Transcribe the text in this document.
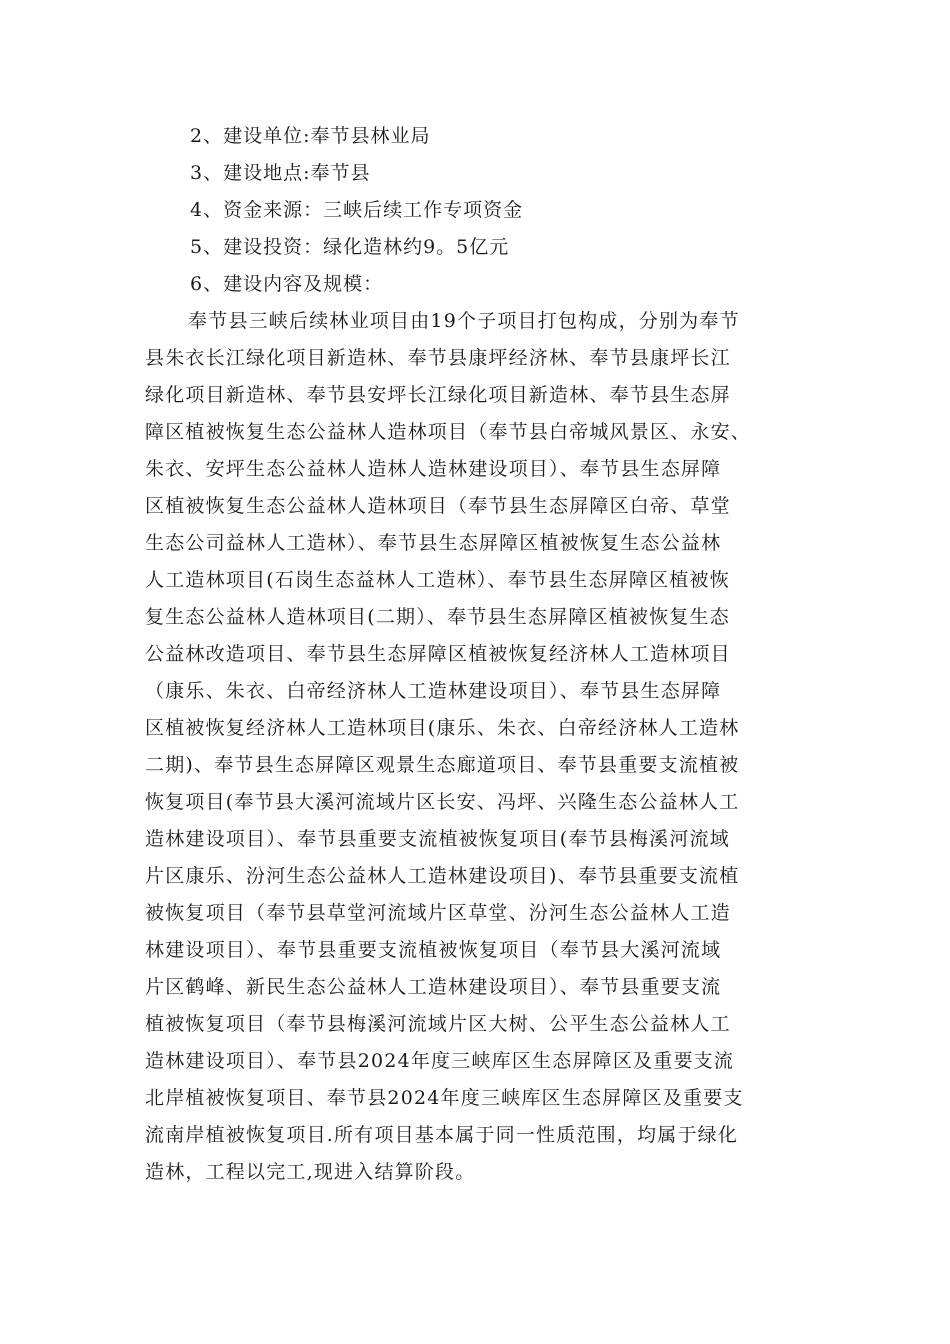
2、建设单位:奉节县林业局
3、建设地点:奉节县
4、资金来源：三峡后续工作专项资金
5、建设投资：绿化造林约9。5亿元
6、建设内容及规模：
奉节县三峡后续林业项目由19个子项目打包构成，分别为奉节
县朱衣长江绿化项目新造林、奉节县康坪经济林、奉节县康坪长江
绿化项目新造林、奉节县安坪长江绿化项目新造林、奉节县生态屏
障区植被恢复生态公益林人造林项目（奉节县白帝城风景区、永安、
朱衣、安坪生态公益林人造林人造林建设项目）、奉节县生态屏障
区植被恢复生态公益林人造林项目（奉节县生态屏障区白帝、草堂
生态公司益林人工造林）、奉节县生态屏障区植被恢复生态公益林
人工造林项目(石岗生态益林人工造林）、奉节县生态屏障区植被恢
复生态公益林人造林项目(二期）、奉节县生态屏障区植被恢复生态
公益林改造项目、奉节县生态屏障区植被恢复经济林人工造林项目
（康乐、朱衣、白帝经济林人工造林建设项目）、奉节县生态屏障
区植被恢复经济林人工造林项目(康乐、朱衣、白帝经济林人工造林
二期)、奉节县生态屏障区观景生态廊道项目、奉节县重要支流植被
恢复项目(奉节县大溪河流域片区长安、冯坪、兴隆生态公益林人工
造林建设项目）、奉节县重要支流植被恢复项目(奉节县梅溪河流域
片区康乐、汾河生态公益林人工造林建设项目)、奉节县重要支流植
被恢复项目（奉节县草堂河流域片区草堂、汾河生态公益林人工造
林建设项目）、奉节县重要支流植被恢复项目（奉节县大溪河流域
片区鹤峰、新民生态公益林人工造林建设项目）、奉节县重要支流
植被恢复项目（奉节县梅溪河流域片区大树、公平生态公益林人工
造林建设项目）、奉节县2024年度三峡库区生态屏障区及重要支流
北岸植被恢复项目、奉节县2024年度三峡库区生态屏障区及重要支
流南岸植被恢复项目.所有项目基本属于同一性质范围，均属于绿化
造林，工程以完工,现进入结算阶段。
